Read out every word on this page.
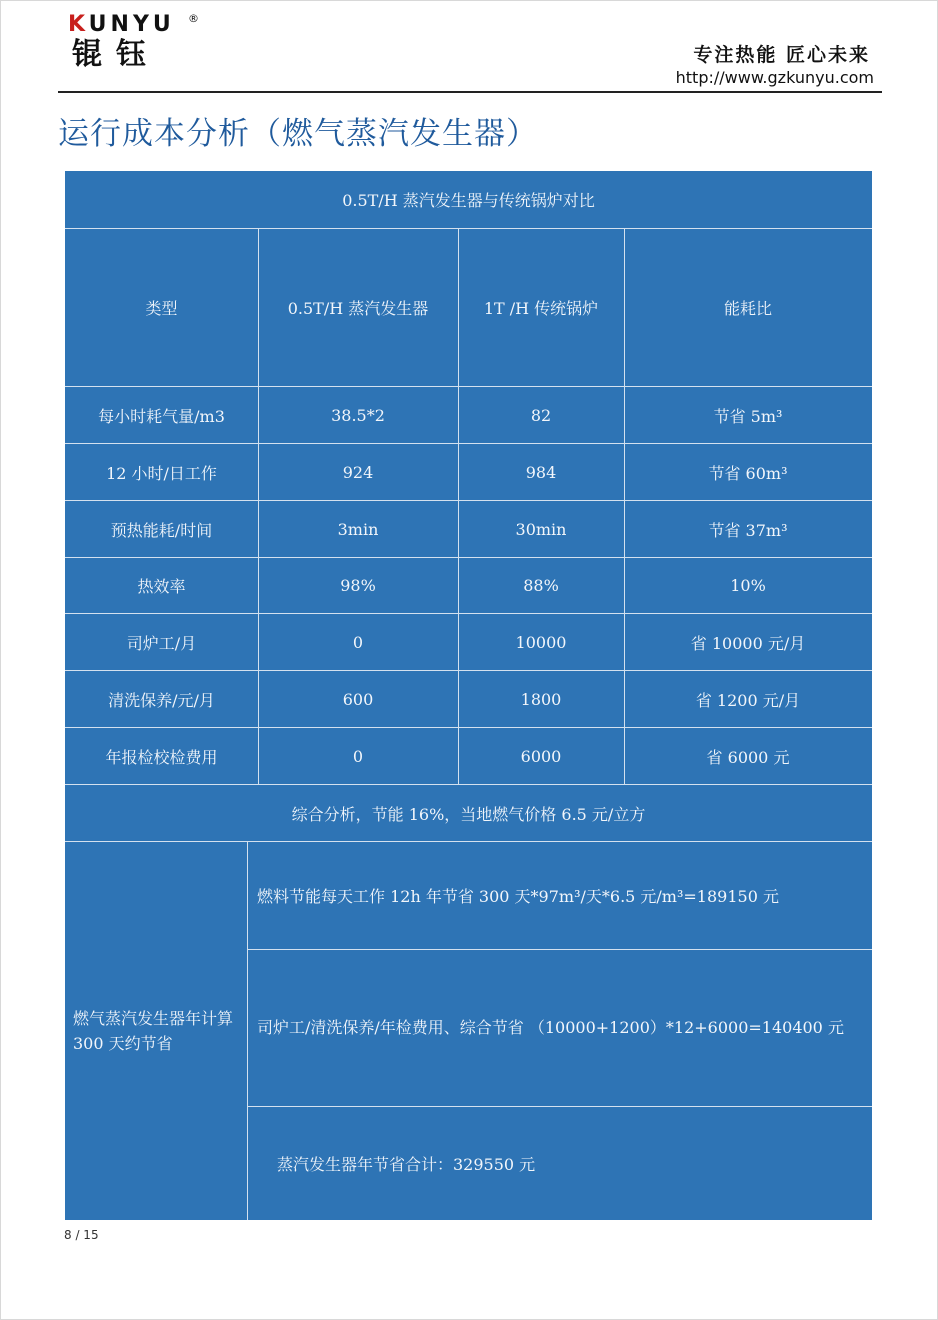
KUNYU ®
锟钰	专注热能 匠心未来
http://www.gzkunyu.com
运行成本分析（燃气蒸汽发生器）
0.5T/H 蒸汽发生器与传统锅炉对比
类型	0.5T/H 蒸汽发生器	1T /H 传统锅炉	能耗比
每小时耗气量/m3	38.5*2	82	节省 5m³
12 小时/日工作	924	984	节省 60m³
预热能耗/时间	3min	30min	节省 37m³
热效率	98%	88%	10%
司炉工/月	0	10000	省 10000 元/月
清洗保养/元/月	600	1800	省 1200 元/月
年报检校检费用	0	6000	省 6000 元
综合分析，节能 16%，当地燃气价格 6.5 元/立方
燃气蒸汽发生器年计算 300 天约节省
燃料节能每天工作 12h 年节省 300 天*97m³/天*6.5 元/m³=189150 元
司炉工/清洗保养/年检费用、综合节省 （10000+1200）*12+6000=140400 元
蒸汽发生器年节省合计：329550 元
8 / 15
